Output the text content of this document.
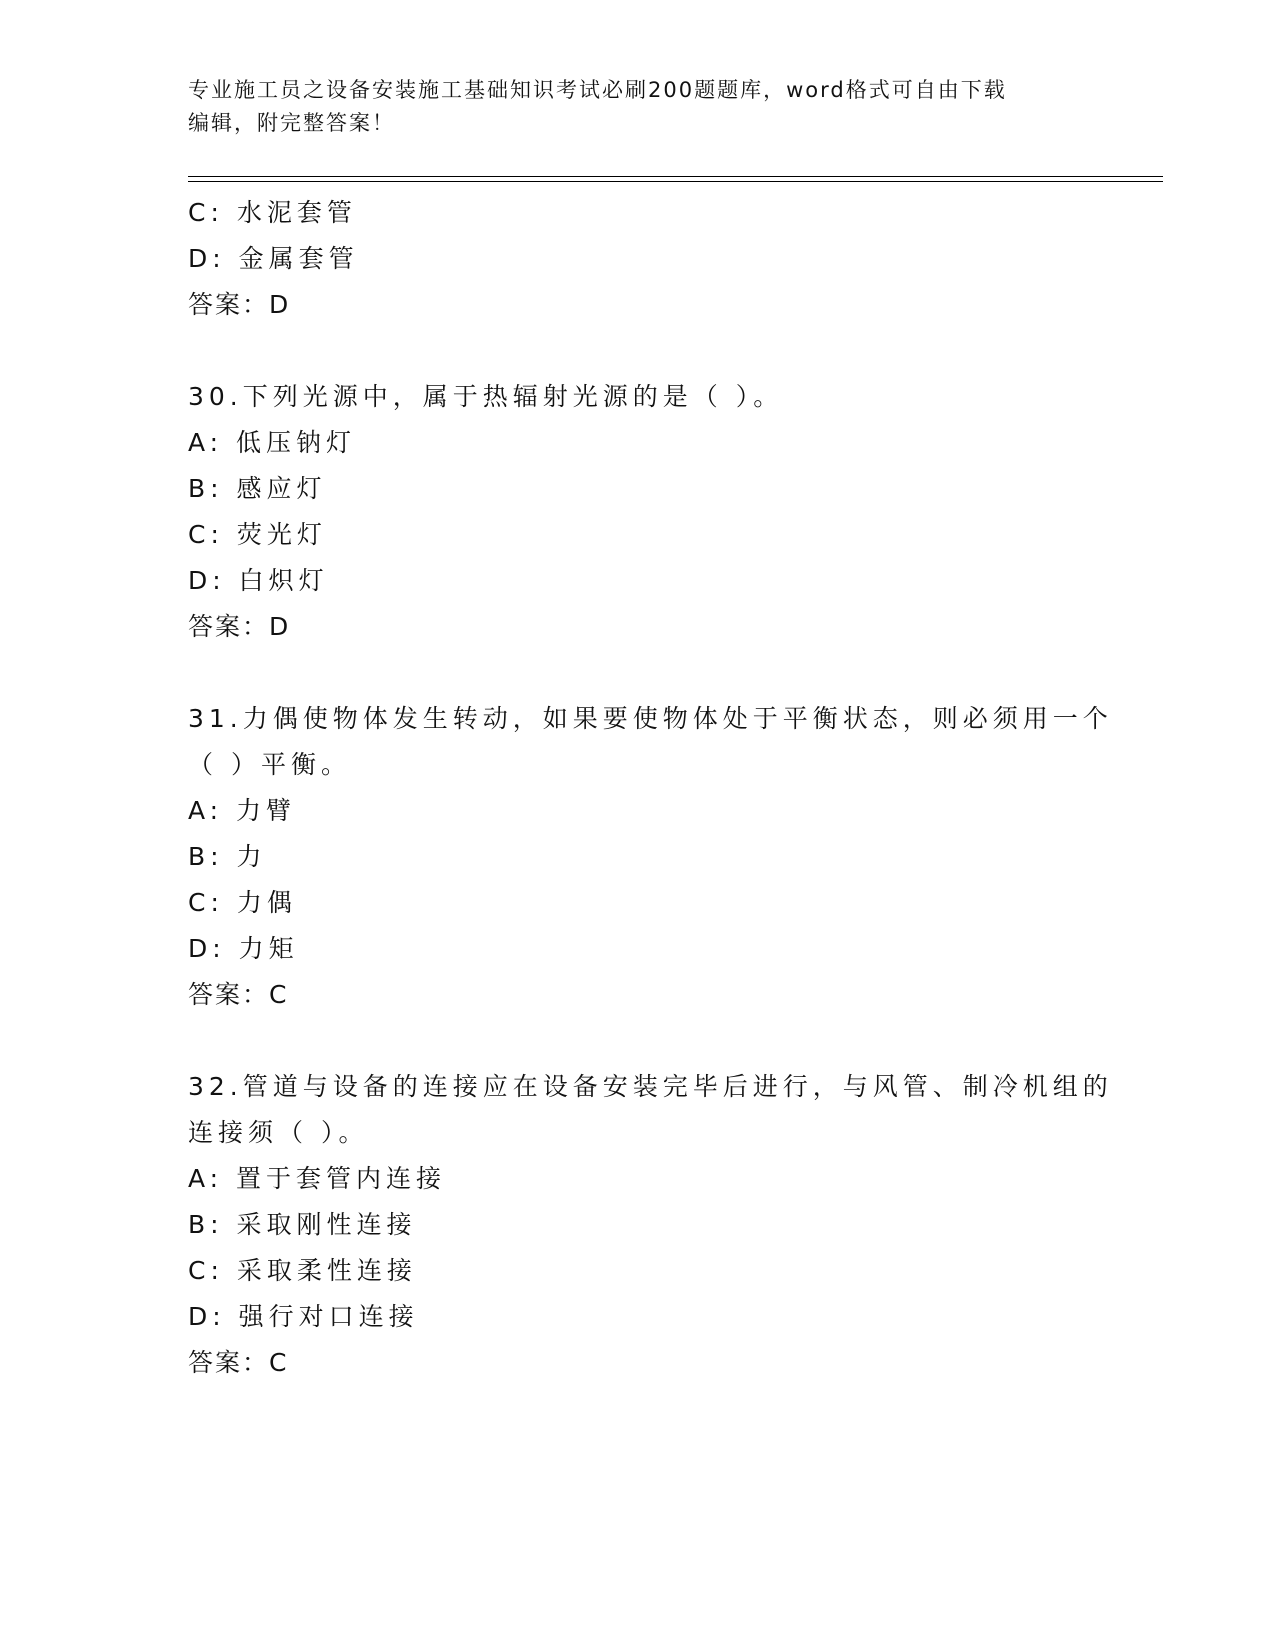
专业施工员之设备安装施工基础知识考试必刷200题题库，word格式可自由下载
编辑，附完整答案！
C: 水泥套管
D: 金属套管
答案：D
30.下列光源中，属于热辐射光源的是（ ）。
A: 低压钠灯
B: 感应灯
C: 荧光灯
D: 白炽灯
答案：D
31.力偶使物体发生转动，如果要使物体处于平衡状态，则必须用一个
（ ）平衡。
A: 力臂
B: 力
C: 力偶
D: 力矩
答案：C
32.管道与设备的连接应在设备安装完毕后进行，与风管、制冷机组的
连接须（ ）。
A: 置于套管内连接
B: 采取刚性连接
C: 采取柔性连接
D: 强行对口连接
答案：C
